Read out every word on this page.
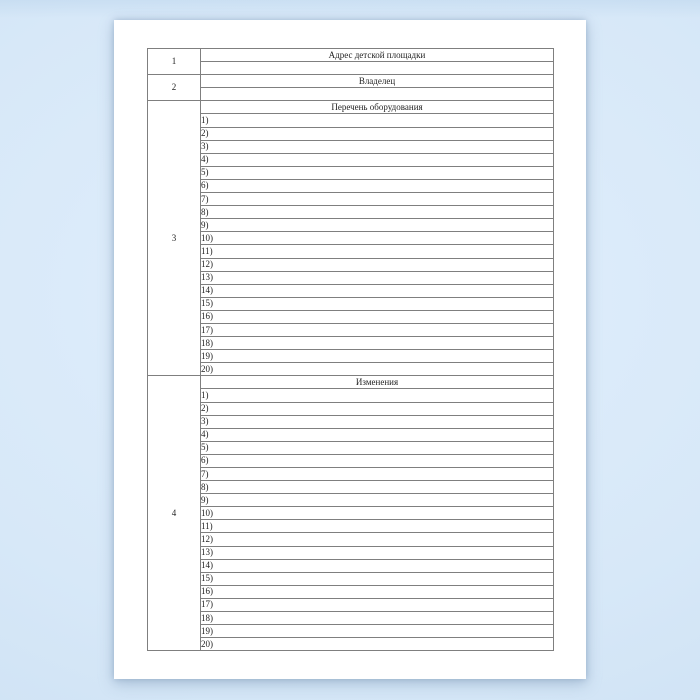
1	Адрес детской площадки

2	Владелец

3	Перечень оборудования
	1)
	2)
	3)
	4)
	5)
	6)
	7)
	8)
	9)
	10)
	11)
	12)
	13)
	14)
	15)
	16)
	17)
	18)
	19)
	20)
4	Изменения
	1)
	2)
	3)
	4)
	5)
	6)
	7)
	8)
	9)
	10)
	11)
	12)
	13)
	14)
	15)
	16)
	17)
	18)
	19)
	20)
